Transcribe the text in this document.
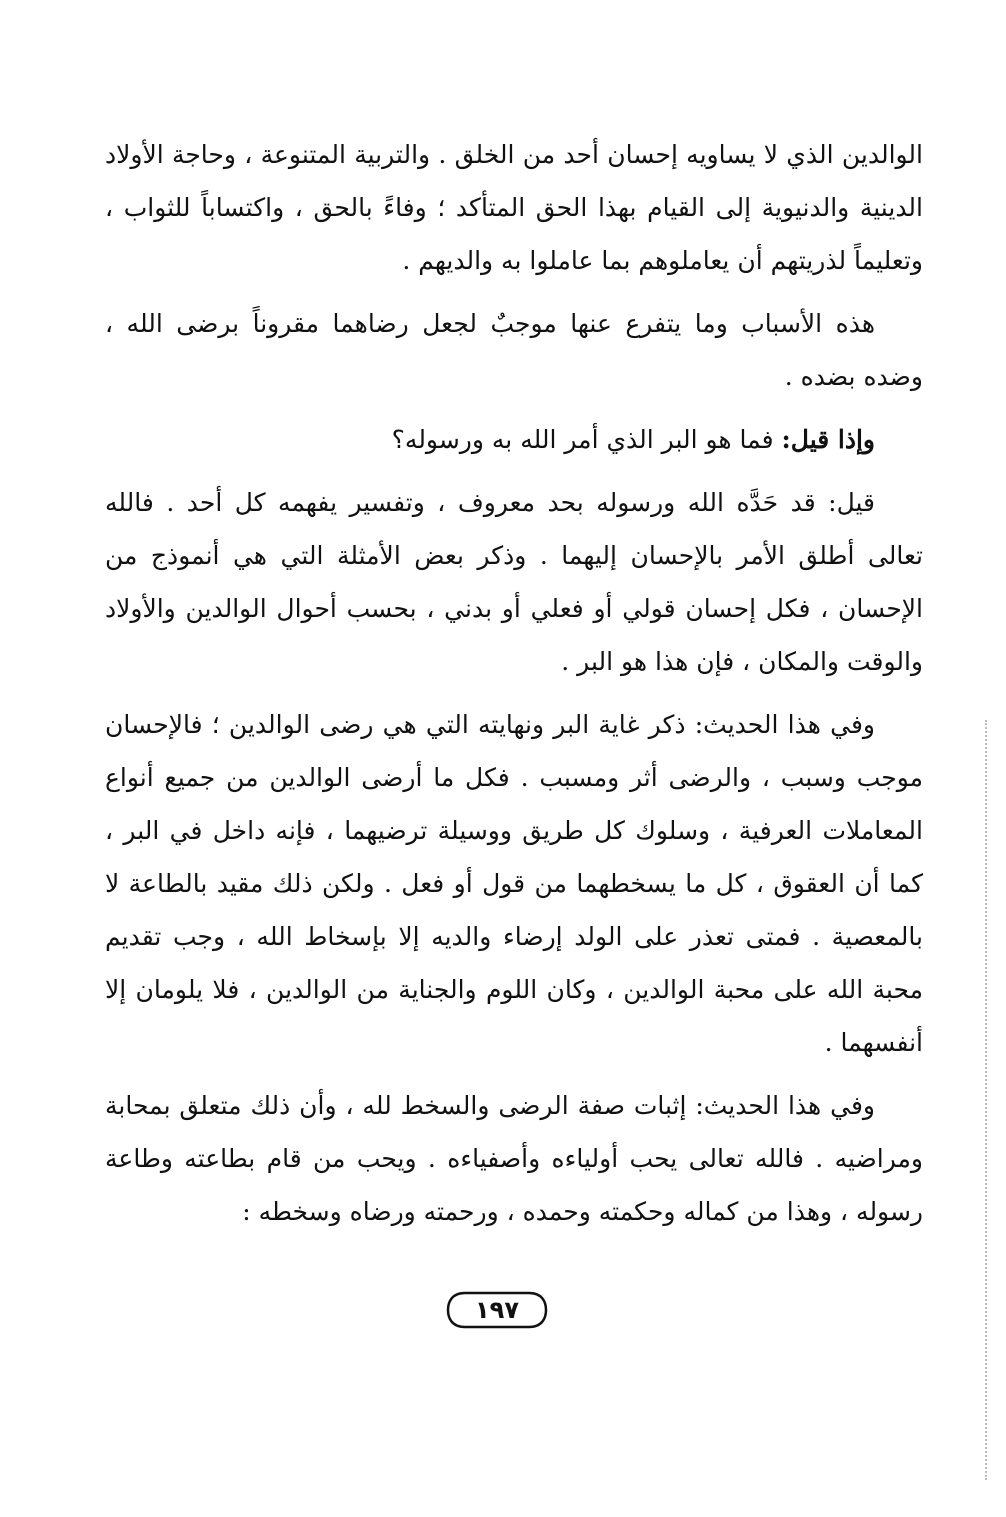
الوالدين الذي لا يساويه إحسان أحد من الخلق . والتربية المتنوعة ، وحاجة الأولاد الدينية والدنيوية إلى القيام بهذا الحق المتأكد ؛ وفاءً بالحق ، واكتساباً للثواب ، وتعليماً لذريتهم أن يعاملوهم بما عاملوا به والديهم .

هذه الأسباب وما يتفرع عنها موجبٌ لجعل رضاهما مقروناً برضى الله ، وضده بضده .

وإذا قيل: فما هو البر الذي أمر الله به ورسوله؟

قيل: قد حَدَّه الله ورسوله بحد معروف ، وتفسير يفهمه كل أحد . فالله تعالى أطلق الأمر بالإحسان إليهما . وذكر بعض الأمثلة التي هي أنموذج من الإحسان ، فكل إحسان قولي أو فعلي أو بدني ، بحسب أحوال الوالدين والأولاد والوقت والمكان ، فإن هذا هو البر .

وفي هذا الحديث: ذكر غاية البر ونهايته التي هي رضى الوالدين ؛ فالإحسان موجب وسبب ، والرضى أثر ومسبب . فكل ما أرضى الوالدين من جميع أنواع المعاملات العرفية ، وسلوك كل طريق ووسيلة ترضيهما ، فإنه داخل في البر ، كما أن العقوق ، كل ما يسخطهما من قول أو فعل . ولكن ذلك مقيد بالطاعة لا بالمعصية . فمتى تعذر على الولد إرضاء والديه إلا بإسخاط الله ، وجب تقديم محبة الله على محبة الوالدين ، وكان اللوم والجناية من الوالدين ، فلا يلومان إلا أنفسهما .

وفي هذا الحديث: إثبات صفة الرضى والسخط لله ، وأن ذلك متعلق بمحابة ومراضيه . فالله تعالى يحب أولياءه وأصفياءه . ويحب من قام بطاعته وطاعة رسوله ، وهذا من كماله وحكمته وحمده ، ورحمته ورضاه وسخطه :

١٩٧
